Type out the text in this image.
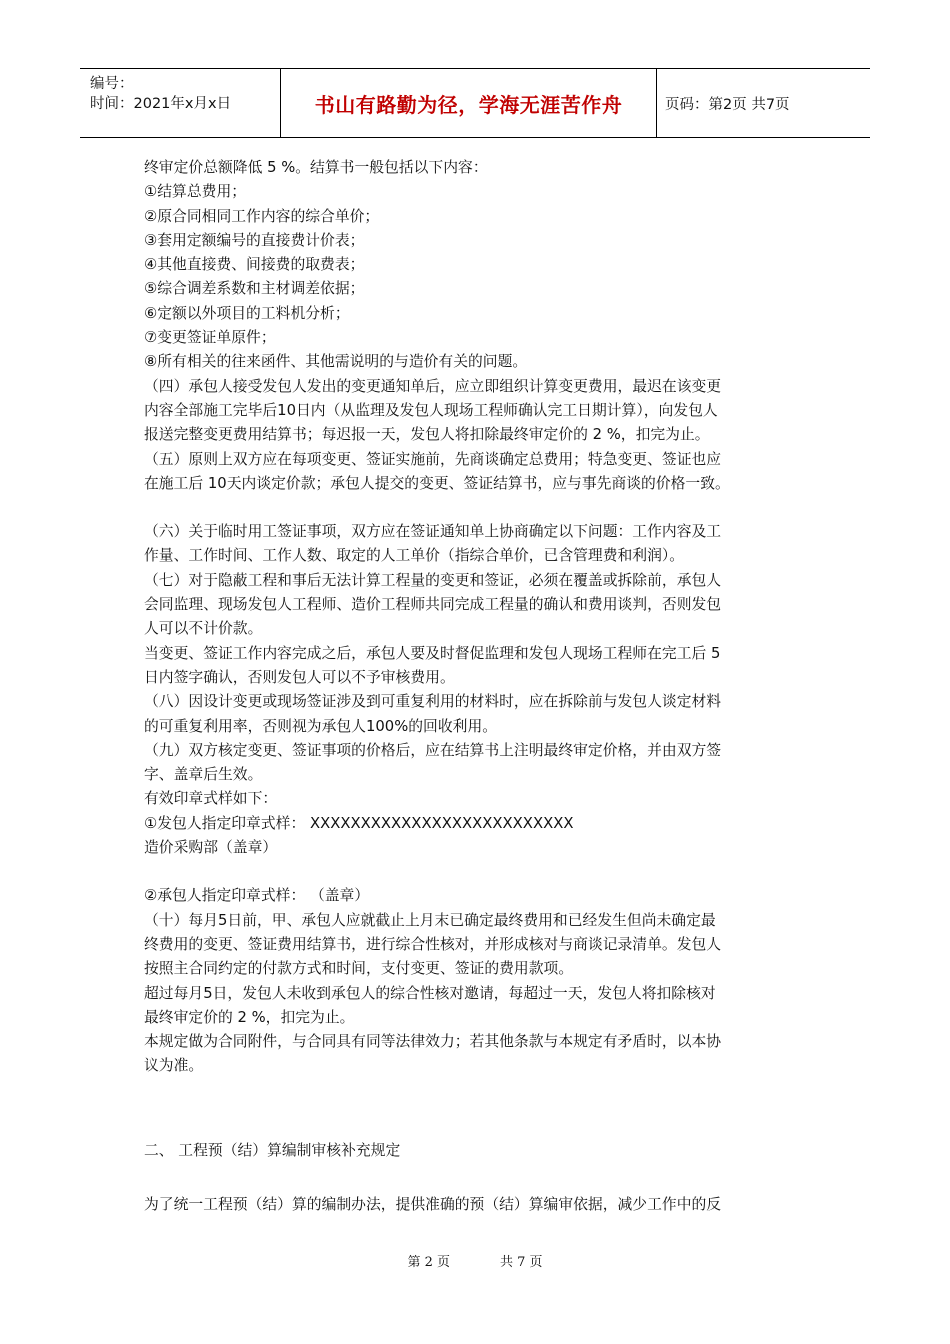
编号：
时间：2021年x月x日	书山有路勤为径，学海无涯苦作舟	页码：第2页 共7页

终审定价总额降低 5 %。结算书一般包括以下内容：

①结算总费用；

②原合同相同工作内容的综合单价；

③套用定额编号的直接费计价表；

④其他直接费、间接费的取费表；

⑤综合调差系数和主材调差依据；

⑥定额以外项目的工料机分析；

⑦变更签证单原件；

⑧所有相关的往来函件、其他需说明的与造价有关的问题。

（四）承包人接受发包人发出的变更通知单后，应立即组织计算变更费用，最迟在该变更

内容全部施工完毕后10日内（从监理及发包人现场工程师确认完工日期计算），向发包人

报送完整变更费用结算书；每迟报一天，发包人将扣除最终审定价的 2 %，扣完为止。

（五）原则上双方应在每项变更、签证实施前，先商谈确定总费用；特急变更、签证也应

在施工后 10天内谈定价款；承包人提交的变更、签证结算书，应与事先商谈的价格一致。

（六）关于临时用工签证事项，双方应在签证通知单上协商确定以下问题：工作内容及工

作量、工作时间、工作人数、取定的人工单价（指综合单价，已含管理费和利润）。

（七）对于隐蔽工程和事后无法计算工程量的变更和签证，必须在覆盖或拆除前，承包人

会同监理、现场发包人工程师、造价工程师共同完成工程量的确认和费用谈判，否则发包

人可以不计价款。

当变更、签证工作内容完成之后，承包人要及时督促监理和发包人现场工程师在完工后 5

日内签字确认，否则发包人可以不予审核费用。

（八）因设计变更或现场签证涉及到可重复利用的材料时，应在拆除前与发包人谈定材料

的可重复利用率，否则视为承包人100%的回收利用。

（九）双方核定变更、签证事项的价格后，应在结算书上注明最终审定价格，并由双方签

字、盖章后生效。

有效印章式样如下：

①发包人指定印章式样： XXXXXXXXXXXXXXXXXXXXXXXXXX

造价采购部（盖章）

②承包人指定印章式样： （盖章）

（十）每月5日前，甲、承包人应就截止上月末已确定最终费用和已经发生但尚未确定最

终费用的变更、签证费用结算书，进行综合性核对，并形成核对与商谈记录清单。发包人

按照主合同约定的付款方式和时间，支付变更、签证的费用款项。

超过每月5日，发包人未收到承包人的综合性核对邀请，每超过一天，发包人将扣除核对

最终审定价的 2 %，扣完为止。

本规定做为合同附件，与合同具有同等法律效力；若其他条款与本规定有矛盾时，以本协

议为准。

二、 工程预（结）算编制审核补充规定

为了统一工程预（结）算的编制办法，提供准确的预（结）算编审依据，减少工作中的反

第 2 页	共 7 页
